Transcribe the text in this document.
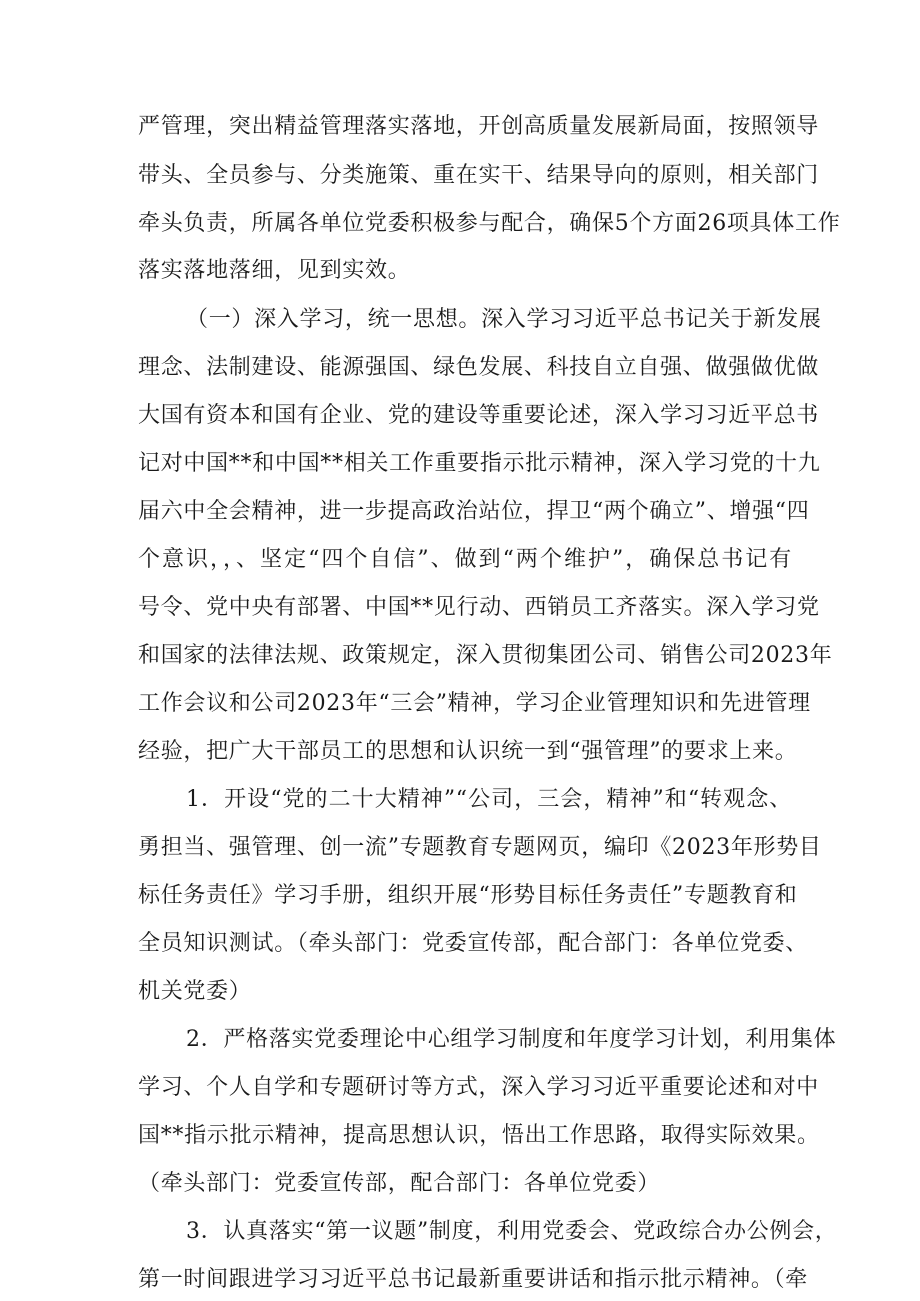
严管理，突出精益管理落实落地，开创高质量发展新局面，按照领导
带头、全员参与、分类施策、重在实干、结果导向的原则，相关部门
牵头负责，所属各单位党委积极参与配合，确保5个方面26项具体工作
落实落地落细，见到实效。
（一）深入学习，统一思想。深入学习习近平总书记关于新发展
理念、法制建设、能源强国、绿色发展、科技自立自强、做强做优做
大国有资本和国有企业、党的建设等重要论述，深入学习习近平总书
记对中国**和中国**相关工作重要指示批示精神，深入学习党的十九
届六中全会精神，进一步提高政治站位，捍卫“两个确立”、增强“四
个意识，，、坚定“四个自信”、做到“两个维护”，确保总书记有
号令、党中央有部署、中国**见行动、西销员工齐落实。深入学习党
和国家的法律法规、政策规定，深入贯彻集团公司、销售公司2023年
工作会议和公司2023年“三会”精神，学习企业管理知识和先进管理
经验，把广大干部员工的思想和认识统一到“强管理”的要求上来。
1．开设“党的二十大精神”“公司，三会，精神”和“转观念、
勇担当、强管理、创一流”专题教育专题网页，编印《2023年形势目
标任务责任》学习手册，组织开展“形势目标任务责任”专题教育和
全员知识测试。（牵头部门：党委宣传部，配合部门：各单位党委、
机关党委）
2．严格落实党委理论中心组学习制度和年度学习计划，利用集体
学习、个人自学和专题研讨等方式，深入学习习近平重要论述和对中
国**指示批示精神，提高思想认识，悟出工作思路，取得实际效果。
（牵头部门：党委宣传部，配合部门：各单位党委）
3．认真落实“第一议题”制度，利用党委会、党政综合办公例会，
第一时间跟进学习习近平总书记最新重要讲话和指示批示精神。（牵
